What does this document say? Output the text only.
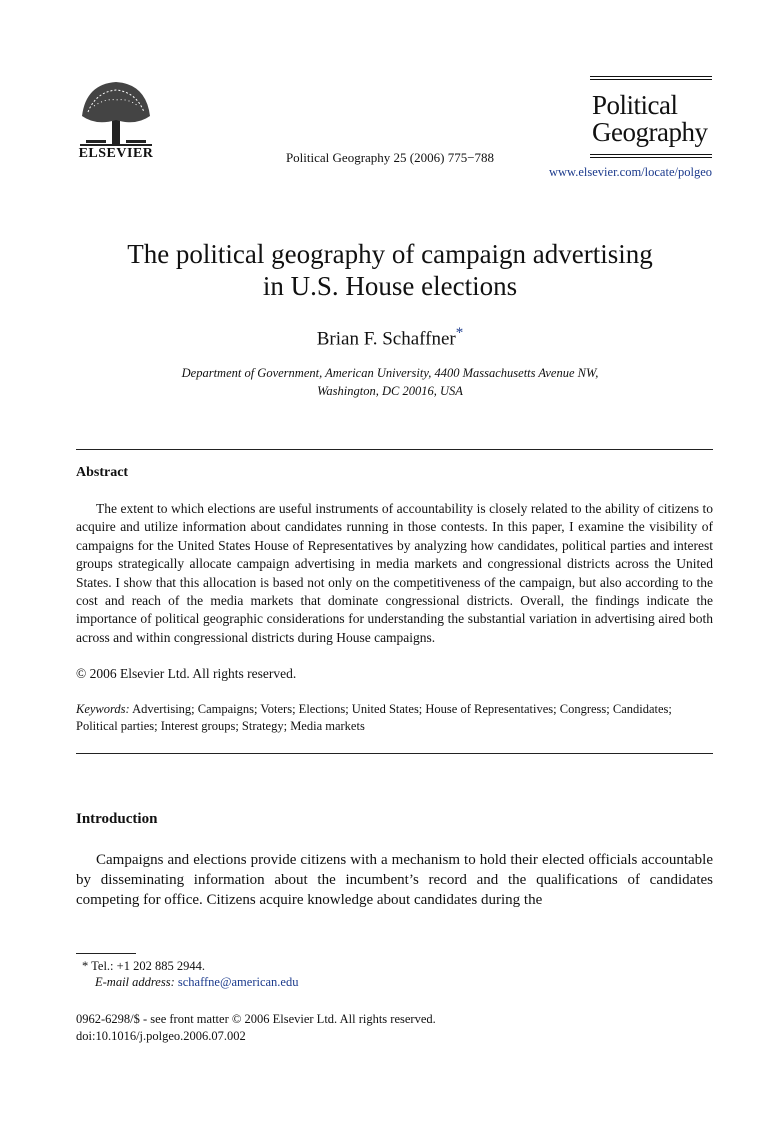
ELSEVIER	Political Geography 25 (2006) 775−788
Political
Geography
www.elsevier.com/locate/polgeo
The political geography of campaign advertising
in U.S. House elections
Brian F. Schaffner*
Department of Government, American University, 4400 Massachusetts Avenue NW,
Washington, DC 20016, USA
Abstract

The extent to which elections are useful instruments of accountability is closely related to the ability of citizens to acquire and utilize information about candidates running in those contests. In this paper, I examine the visibility of campaigns for the United States House of Representatives by analyzing how candidates, political parties and interest groups strategically allocate campaign advertising in media markets and congressional districts across the United States. I show that this allocation is based not only on the competitiveness of the campaign, but also according to the cost and reach of the media markets that dominate congressional districts. Overall, the findings indicate the importance of political geographic considerations for understanding the substantial variation in advertising aired both across and within congressional districts during House campaigns.

© 2006 Elsevier Ltd. All rights reserved.
Keywords: Advertising; Campaigns; Voters; Elections; United States; House of Representatives; Congress; Candidates; Political parties; Interest groups; Strategy; Media markets
Introduction

Campaigns and elections provide citizens with a mechanism to hold their elected officials accountable by disseminating information about the incumbent’s record and the qualifications of candidates competing for office. Citizens acquire knowledge about candidates during the

* Tel.: +1 202 885 2944.
E-mail address: schaffne@american.edu
0962-6298/$ - see front matter © 2006 Elsevier Ltd. All rights reserved.
doi:10.1016/j.polgeo.2006.07.002
